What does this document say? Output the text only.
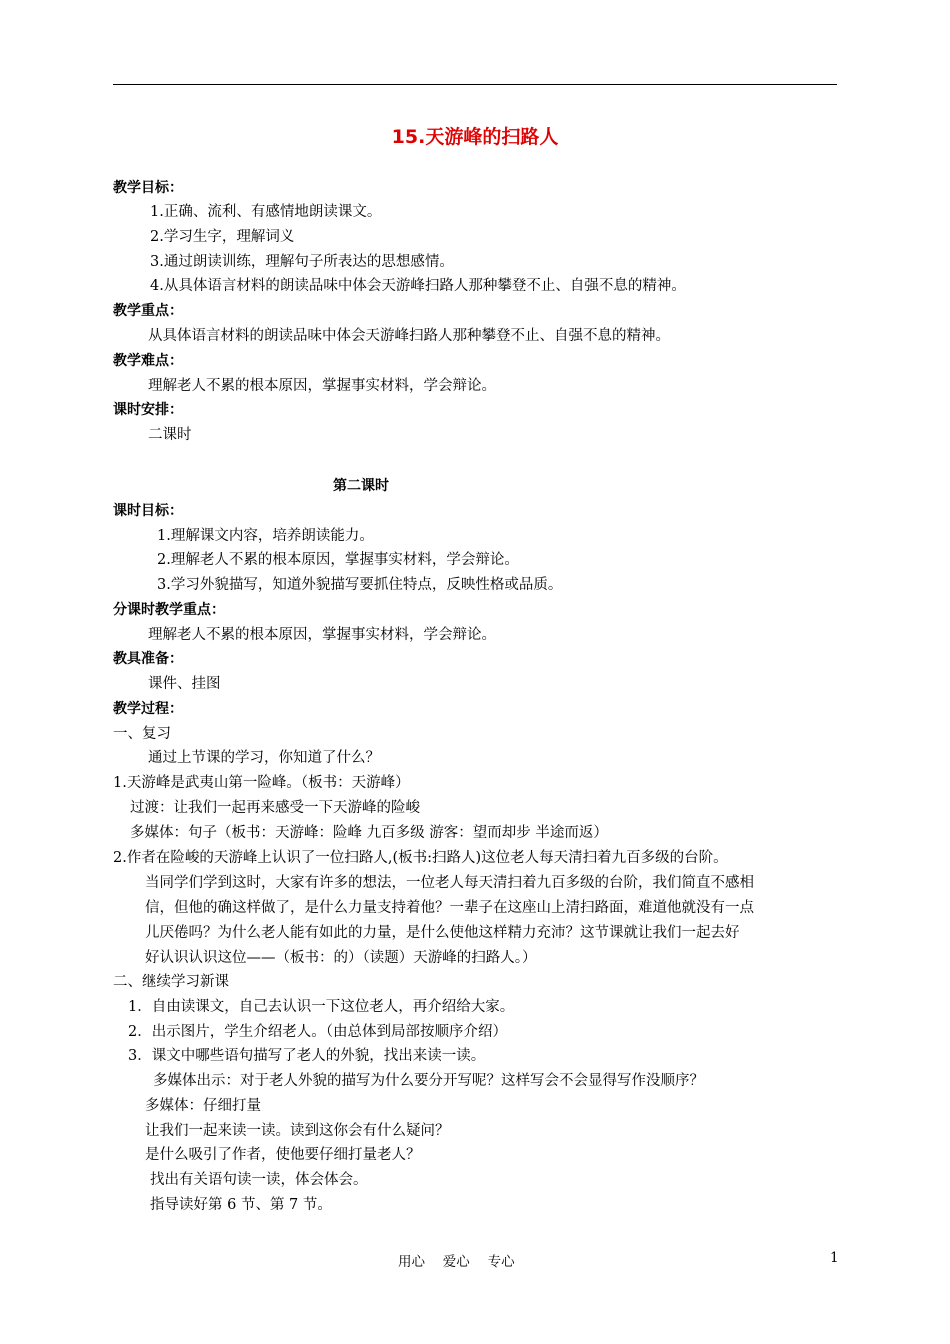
15.天游峰的扫路人
教学目标：
1.正确、流利、有感情地朗读课文。
2.学习生字，理解词义
3.通过朗读训练，理解句子所表达的思想感情。
4.从具体语言材料的朗读品味中体会天游峰扫路人那种攀登不止、自强不息的精神。
教学重点：
从具体语言材料的朗读品味中体会天游峰扫路人那种攀登不止、自强不息的精神。
教学难点：
理解老人不累的根本原因，掌握事实材料，学会辩论。
课时安排：
二课时
第二课时
课时目标：
1.理解课文内容，培养朗读能力。
2.理解老人不累的根本原因，掌握事实材料，学会辩论。
3.学习外貌描写，知道外貌描写要抓住特点，反映性格或品质。
分课时教学重点：
理解老人不累的根本原因，掌握事实材料，学会辩论。
教具准备：
课件、挂图
教学过程：
一、复习
通过上节课的学习，你知道了什么？
1.天游峰是武夷山第一险峰。（板书：天游峰）
过渡：让我们一起再来感受一下天游峰的险峻
多媒体：句子（板书：天游峰：险峰 九百多级 游客：望而却步 半途而返）
2.作者在险峻的天游峰上认识了一位扫路人,(板书:扫路人)这位老人每天清扫着九百多级的台阶。
当同学们学到这时，大家有许多的想法，一位老人每天清扫着九百多级的台阶，我们简直不感相
信，但他的确这样做了，是什么力量支持着他？一辈子在这座山上清扫路面，难道他就没有一点
儿厌倦吗？为什么老人能有如此的力量，是什么使他这样精力充沛？这节课就让我们一起去好
好认识认识这位——（板书：的）（读题）天游峰的扫路人。）
二、继续学习新课
1．自由读课文，自己去认识一下这位老人，再介绍给大家。
2．出示图片，学生介绍老人。（由总体到局部按顺序介绍）
3．课文中哪些语句描写了老人的外貌，找出来读一读。
多媒体出示：对于老人外貌的描写为什么要分开写呢？这样写会不会显得写作没顺序？
多媒体：仔细打量
让我们一起来读一读。读到这你会有什么疑问？
是什么吸引了作者，使他要仔细打量老人？
找出有关语句读一读，体会体会。
指导读好第 6 节、第 7 节。
用心　 爱心　 专心	1
